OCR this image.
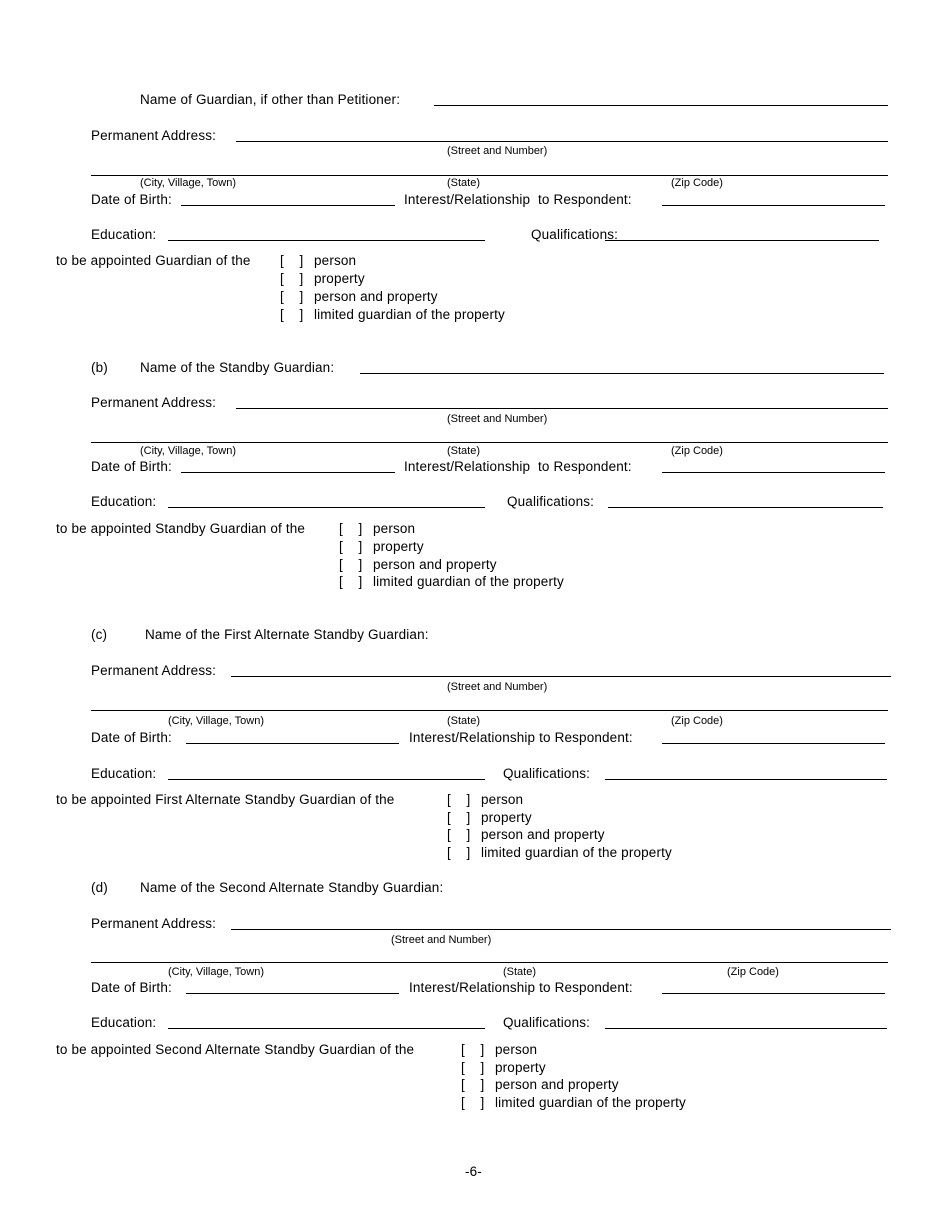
Name of Guardian, if other than Petitioner:
Permanent Address:
(Street and Number)
(City, Village, Town)	(State)	(Zip Code)
Date of Birth:	Interest/Relationship  to Respondent:
Education:	Qualifications:
to be appointed Guardian of the [    ] person
[    ] property
[    ] person and property
[    ] limited guardian of the property
(b) Name of the Standby Guardian:
Permanent Address:
(Street and Number)
(City, Village, Town)	(State)	(Zip Code)
Date of Birth:	Interest/Relationship  to Respondent:
Education:	Qualifications:
to be appointed Standby Guardian of the	[    ] person
[    ] property
[    ] person and property
[    ] limited guardian of the property
(c)	Name of the First Alternate Standby Guardian:
Permanent Address:
(Street and Number)
(City, Village, Town)	(State)	(Zip Code)
Date of Birth:	Interest/Relationship to Respondent:
Education:	Qualifications:
to be appointed First Alternate Standby Guardian of the	[    ] person
[    ] property
[    ] person and property
[    ] limited guardian of the property
(d) Name of the Second Alternate Standby Guardian:
Permanent Address:
(Street and Number)
(City, Village, Town)	(State)	(Zip Code)
Date of Birth:	Interest/Relationship to Respondent:
Education:	Qualifications:
to be appointed Second Alternate Standby Guardian of the	[    ] person
[    ] property
[    ] person and property
[    ] limited guardian of the property
-6-
